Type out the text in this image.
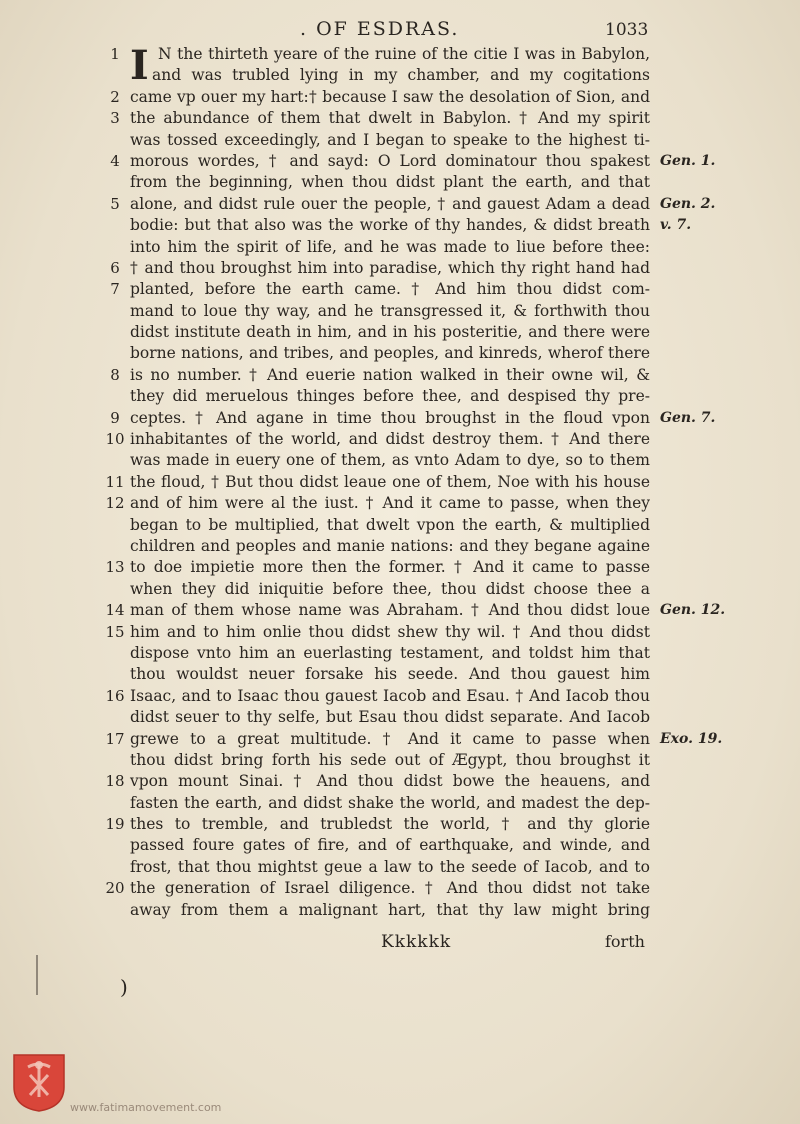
. OF ESDRAS.	1033
I
1	N the thirteth yeare of the ruine of the citie I was in Babylon,
and was trubled lying in my chamber, and my cogitations
2 came vp ouer my hart:† because I saw the desolation of Sion, and
3 the abundance of them that dwelt in Babylon. † And my spirit
was tossed exceedingly, and I began to speake to the highest ti-
4 morous wordes, † and sayd: O Lord dominatour thou spakest Gen. 1.
from the beginning, when thou didst plant the earth, and that
5 alone, and didst rule ouer the people, † and gauest Adam a dead Gen. 2.
bodie: but that also was the worke of thy handes, & didst breath v. 7.
into him the spirit of life, and he was made to liue before thee:
6 † and thou broughst him into paradise, which thy right hand had
7 planted, before the earth came. † And him thou didst com-
mand to loue thy way, and he transgressed it, & forthwith thou
didst institute death in him, and in his posteritie, and there were
borne nations, and tribes, and peoples, and kinreds, wherof there
8 is no number. † And euerie nation walked in their owne wil, &
they did meruelous thinges before thee, and despised thy pre-
9 ceptes. † And agane in time thou broughst in the floud vpon Gen. 7.
10 inhabitantes of the world, and didst destroy them. † And there
was made in euery one of them, as vnto Adam to dye, so to them
11 the floud, † But thou didst leaue one of them, Noe with his house
12 and of him were al the iust. † And it came to passe, when they
began to be multiplied, that dwelt vpon the earth, & multiplied
children and peoples and manie nations: and they begane againe
13 to doe impietie more then the former. † And it came to passe
when they did iniquitie before thee, thou didst choose thee a
14 man of them whose name was Abraham. † And thou didst loue Gen. 12.
15 him and to him onlie thou didst shew thy wil. † And thou didst
dispose vnto him an euerlasting testament, and toldst him that
thou wouldst neuer forsake his seede. And thou gauest him
16 Isaac, and to Isaac thou gauest Iacob and Esau. † And Iacob thou
didst seuer to thy selfe, but Esau thou didst separate. And Iacob
17 grewe to a great multitude. † And it came to passe when Exo. 19.
thou didst bring forth his sede out of Ægypt, thou broughst it
18 vpon mount Sinai. † And thou didst bowe the heauens, and
fasten the earth, and didst shake the world, and madest the dep-
19 thes to tremble, and trubledst the world, † and thy glorie
passed foure gates of fire, and of earthquake, and winde, and
frost, that thou mightst geue a law to the seede of Iacob, and to
20 the generation of Israel diligence. † And thou didst not take
away from them a malignant hart, that thy law might bring
Kkkkkk	forth
)
www.fatimamovement.com
